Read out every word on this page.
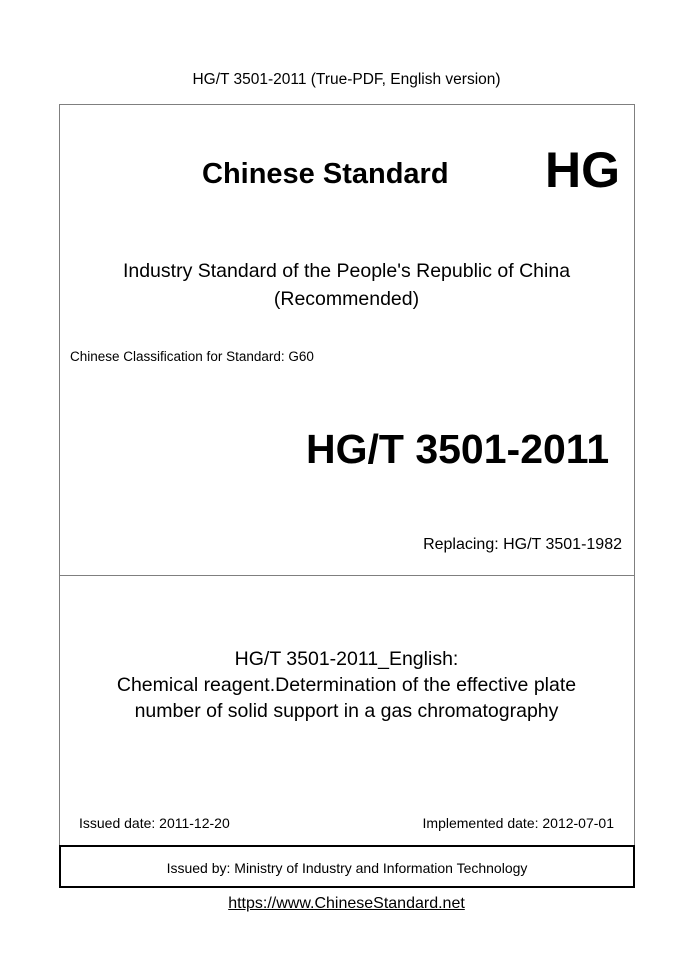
HG/T 3501-2011 (True-PDF, English version)
Chinese Standard HG
Industry Standard of the People's Republic of China
(Recommended)
Chinese Classification for Standard: G60
HG/T 3501-2011
Replacing: HG/T 3501-1982
HG/T 3501-2011_English:
Chemical reagent.Determination of the effective plate
number of solid support in a gas chromatography
Issued date: 2011-12-20	Implemented date: 2012-07-01
Issued by: Ministry of Industry and Information Technology
https://www.ChineseStandard.net
